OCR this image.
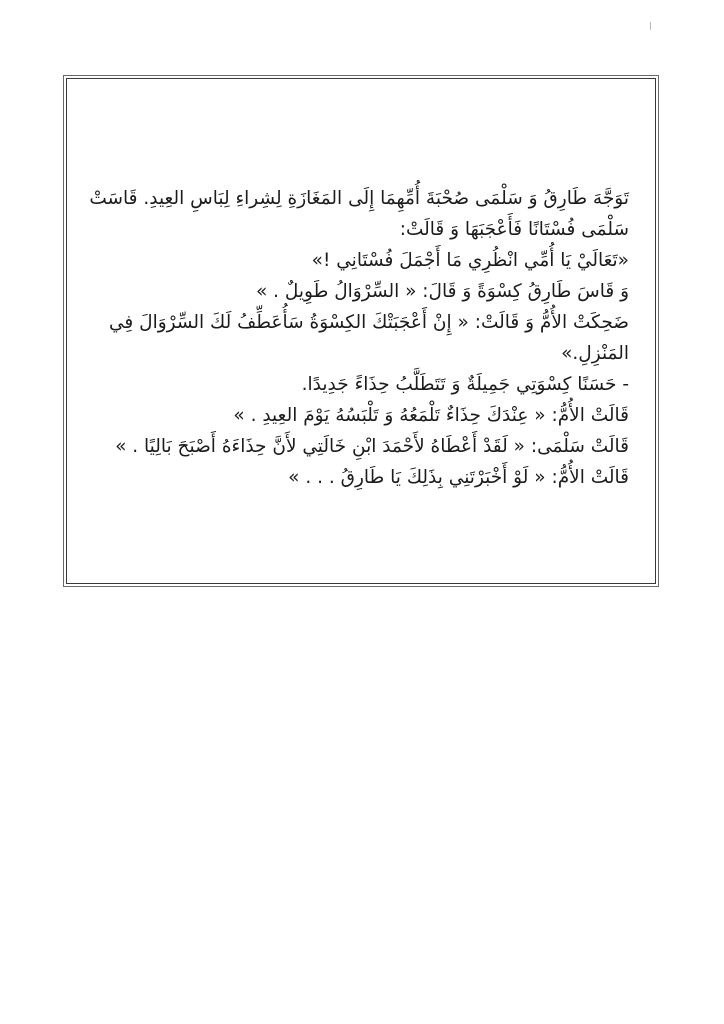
تَوَجَّهَ طَارِقُ وَ سَلْمَى صُحْبَةَ أُمِّهِمَا إِلَى المَغَازَةِ لِشِراءِ لِبَاسِ العِيدِ. قَاسَتْ
سَلْمَى فُسْتَانًا فَأَعْجَبَهَا وَ قَالَتْ:
«تَعَالَيْ يَا أُمِّي انْظُرِي مَا أَجْمَلَ فُسْتَانِي !»
وَ قَاسَ طَارِقُ كِسْوَةً وَ قَالَ: « السِّرْوَالُ طَوِيلٌ . »
ضَحِكَتْ الأُمُّ وَ قَالَتْ: « إِنْ أَعْجَبَتْكَ الكِسْوَةُ سَأُعَطِّفُ لَكَ السِّرْوَالَ فِي
المَنْزِلِ.»
- حَسَنًا كِسْوَتِي جَمِيلَةٌ وَ تَتَطَلَّبُ حِذَاءً جَدِيدًا.
قَالَتْ الأُمُّ: « عِنْدَكَ حِذَاءٌ تَلْمَعُهُ وَ تَلْبَسُهُ يَوْمَ العِيدِ . »
قَالَتْ سَلْمَى: « لَقَدْ أَعْطَاهُ لأَحْمَدَ ابْنِ خَالَتِي لأَنَّ حِذَاءَهُ أَصْبَحَ بَالِيًا . »
قَالَتْ الأُمُّ: « لَوْ أَخْبَرْتَنِي بِذَلِكَ يَا طَارِقُ . . . »
